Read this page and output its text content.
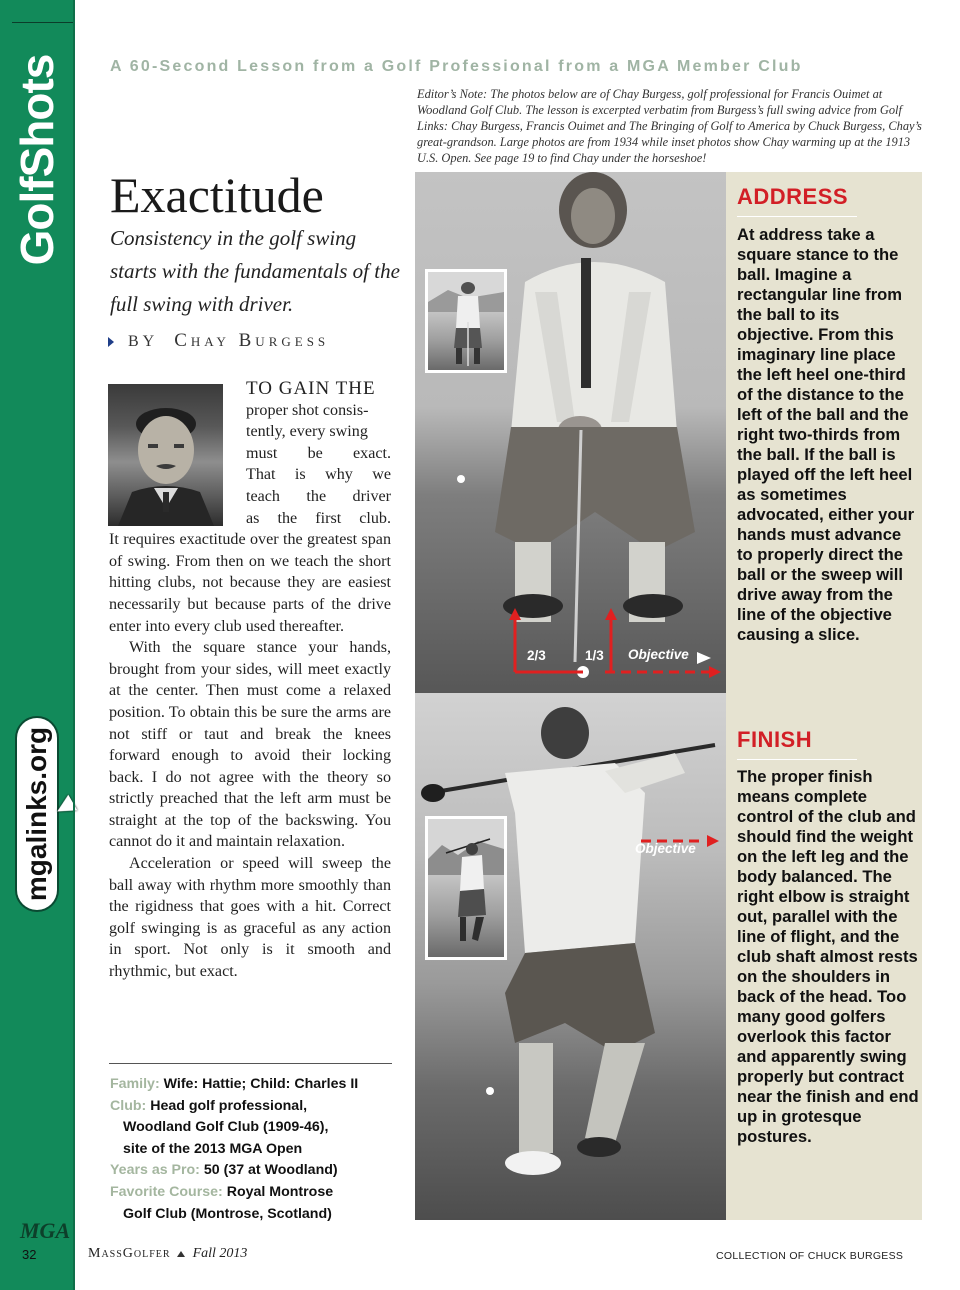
GolfShots
mgalinks.org
MGA
32
A 60-Second Lesson from a Golf Professional from a MGA Member Club
Editor’s Note: The photos below are of Chay Burgess, golf professional for Francis Ouimet at Woodland Golf Club. The lesson is excerpted verbatim from Burgess’s full swing advice from Golf Links: Chay Burgess, Francis Ouimet and The Bringing of Golf to America by Chuck Burgess, Chay’s great-grandson. Large photos are from 1934 while inset photos show Chay warming up at the 1913 U.S. Open. See page 19 to find Chay under the horseshoe!
Exactitude
Consistency in the golf swing starts with the fundamentals of the full swing with driver.
BY Chay Burgess

TO GAIN THE

proper shot consis-

tently, every swing

must be exact.

That is why we

teach the driver

as the first club.

It requires exactitude over the greatest span of swing. From then on we teach the short hitting clubs, not because they are easiest necessarily but because parts of the drive enter into every club used thereafter.

With the square stance your hands, brought from your sides, will meet exactly at the center. Then must come a relaxed position. To obtain this be sure the arms are not stiff or taut and break the knees forward enough to avoid their locking back. I do not agree with the theory so strictly preached that the left arm must be straight at the top of the backswing. You cannot do it and maintain relaxation.

Acceleration or speed will sweep the ball away with rhythm more smoothly than the rigidness that goes with a hit. Correct golf swinging is as graceful as any action in sport. Not only is it smooth and rhythmic, but exact.

Family: Wife: Hattie; Child: Charles II
Club: Head golf professional,
Woodland Golf Club (1909-46),
site of the 2013 MGA Open
Years as Pro: 50 (37 at Woodland)
Favorite Course: Royal Montrose
Golf Club (Montrose, Scotland)
2/3	1/3 Objective
Objective
ADDRESS
At address take a square stance to the ball. Imagine a rectangular line from the ball to its objective. From this imaginary line place the left heel one-third of the distance to the left of the ball and the right two-thirds from the ball. If the ball is played off the left heel as sometimes advocated, either your hands must advance to properly direct the ball or the sweep will drive away from the line of the objective causing a slice.
FINISH
The proper finish means complete control of the club and should find the weight on the left leg and the body balanced. The right elbow is straight out, parallel with the line of flight, and the club shaft almost rests on the shoulders in back of the head. Too many good golfers overlook this factor and apparently swing properly but contract near the finish and end up in grotesque postures.
MassGolfer Fall 2013	COLLECTION OF CHUCK BURGESS
